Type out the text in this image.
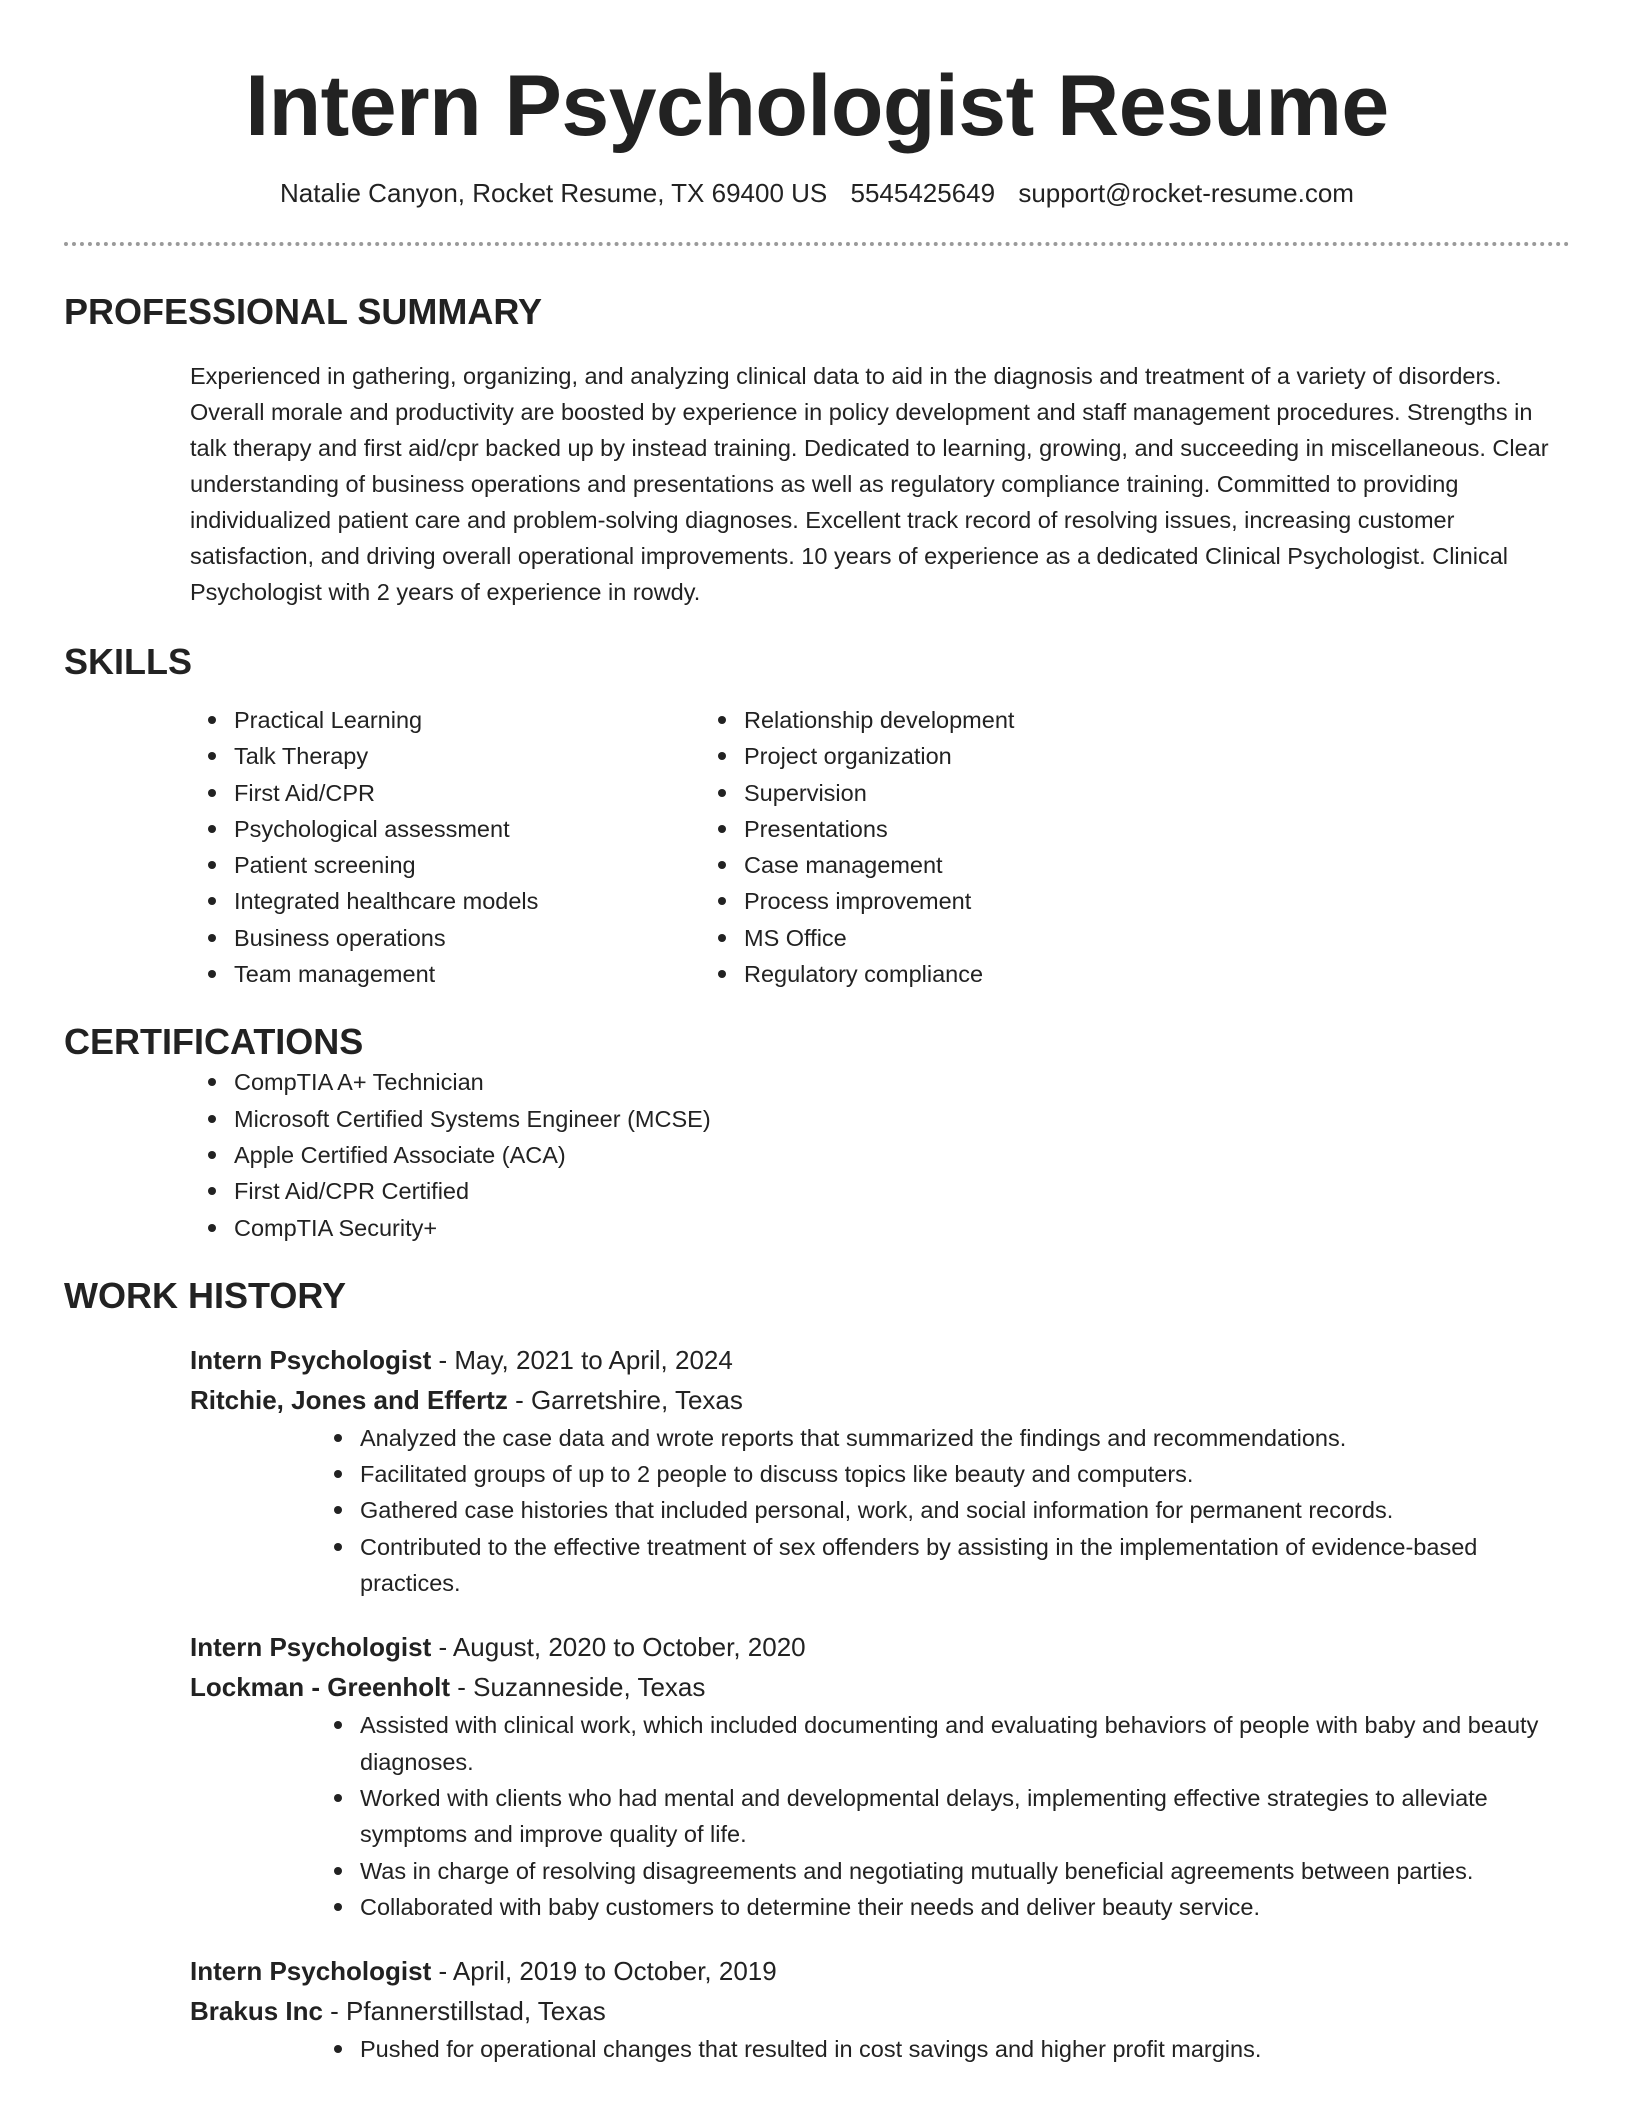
Intern Psychologist Resume
Natalie Canyon, Rocket Resume, TX 69400 US 5545425649 support@rocket-resume.com
PROFESSIONAL SUMMARY

Experienced in gathering, organizing, and analyzing clinical data to aid in the diagnosis and treatment of a variety of disorders. Overall morale and productivity are boosted by experience in policy development and staff management procedures. Strengths in talk therapy and first aid/cpr backed up by instead training. Dedicated to learning, growing, and succeeding in miscellaneous. Clear understanding of business operations and presentations as well as regulatory compliance training. Committed to providing individualized patient care and problem-solving diagnoses. Excellent track record of resolving issues, increasing customer satisfaction, and driving overall operational improvements. 10 years of experience as a dedicated Clinical Psychologist. Clinical Psychologist with 2 years of experience in rowdy.

SKILLS
Practical Learning
Talk Therapy
First Aid/CPR
Psychological assessment
Patient screening
Integrated healthcare models
Business operations
Team management
Relationship development
Project organization
Supervision
Presentations
Case management
Process improvement
MS Office
Regulatory compliance
CERTIFICATIONS
CompTIA A+ Technician
Microsoft Certified Systems Engineer (MCSE)
Apple Certified Associate (ACA)
First Aid/CPR Certified
CompTIA Security+
WORK HISTORY
Intern Psychologist - May, 2021 to April, 2024
Ritchie, Jones and Effertz - Garretshire, Texas
Analyzed the case data and wrote reports that summarized the findings and recommendations.
Facilitated groups of up to 2 people to discuss topics like beauty and computers.
Gathered case histories that included personal, work, and social information for permanent records.
Contributed to the effective treatment of sex offenders by assisting in the implementation of evidence-based practices.
Intern Psychologist - August, 2020 to October, 2020
Lockman - Greenholt - Suzanneside, Texas
Assisted with clinical work, which included documenting and evaluating behaviors of people with baby and beauty diagnoses.
Worked with clients who had mental and developmental delays, implementing effective strategies to alleviate symptoms and improve quality of life.
Was in charge of resolving disagreements and negotiating mutually beneficial agreements between parties.
Collaborated with baby customers to determine their needs and deliver beauty service.
Intern Psychologist - April, 2019 to October, 2019
Brakus Inc - Pfannerstillstad, Texas
Pushed for operational changes that resulted in cost savings and higher profit margins.
